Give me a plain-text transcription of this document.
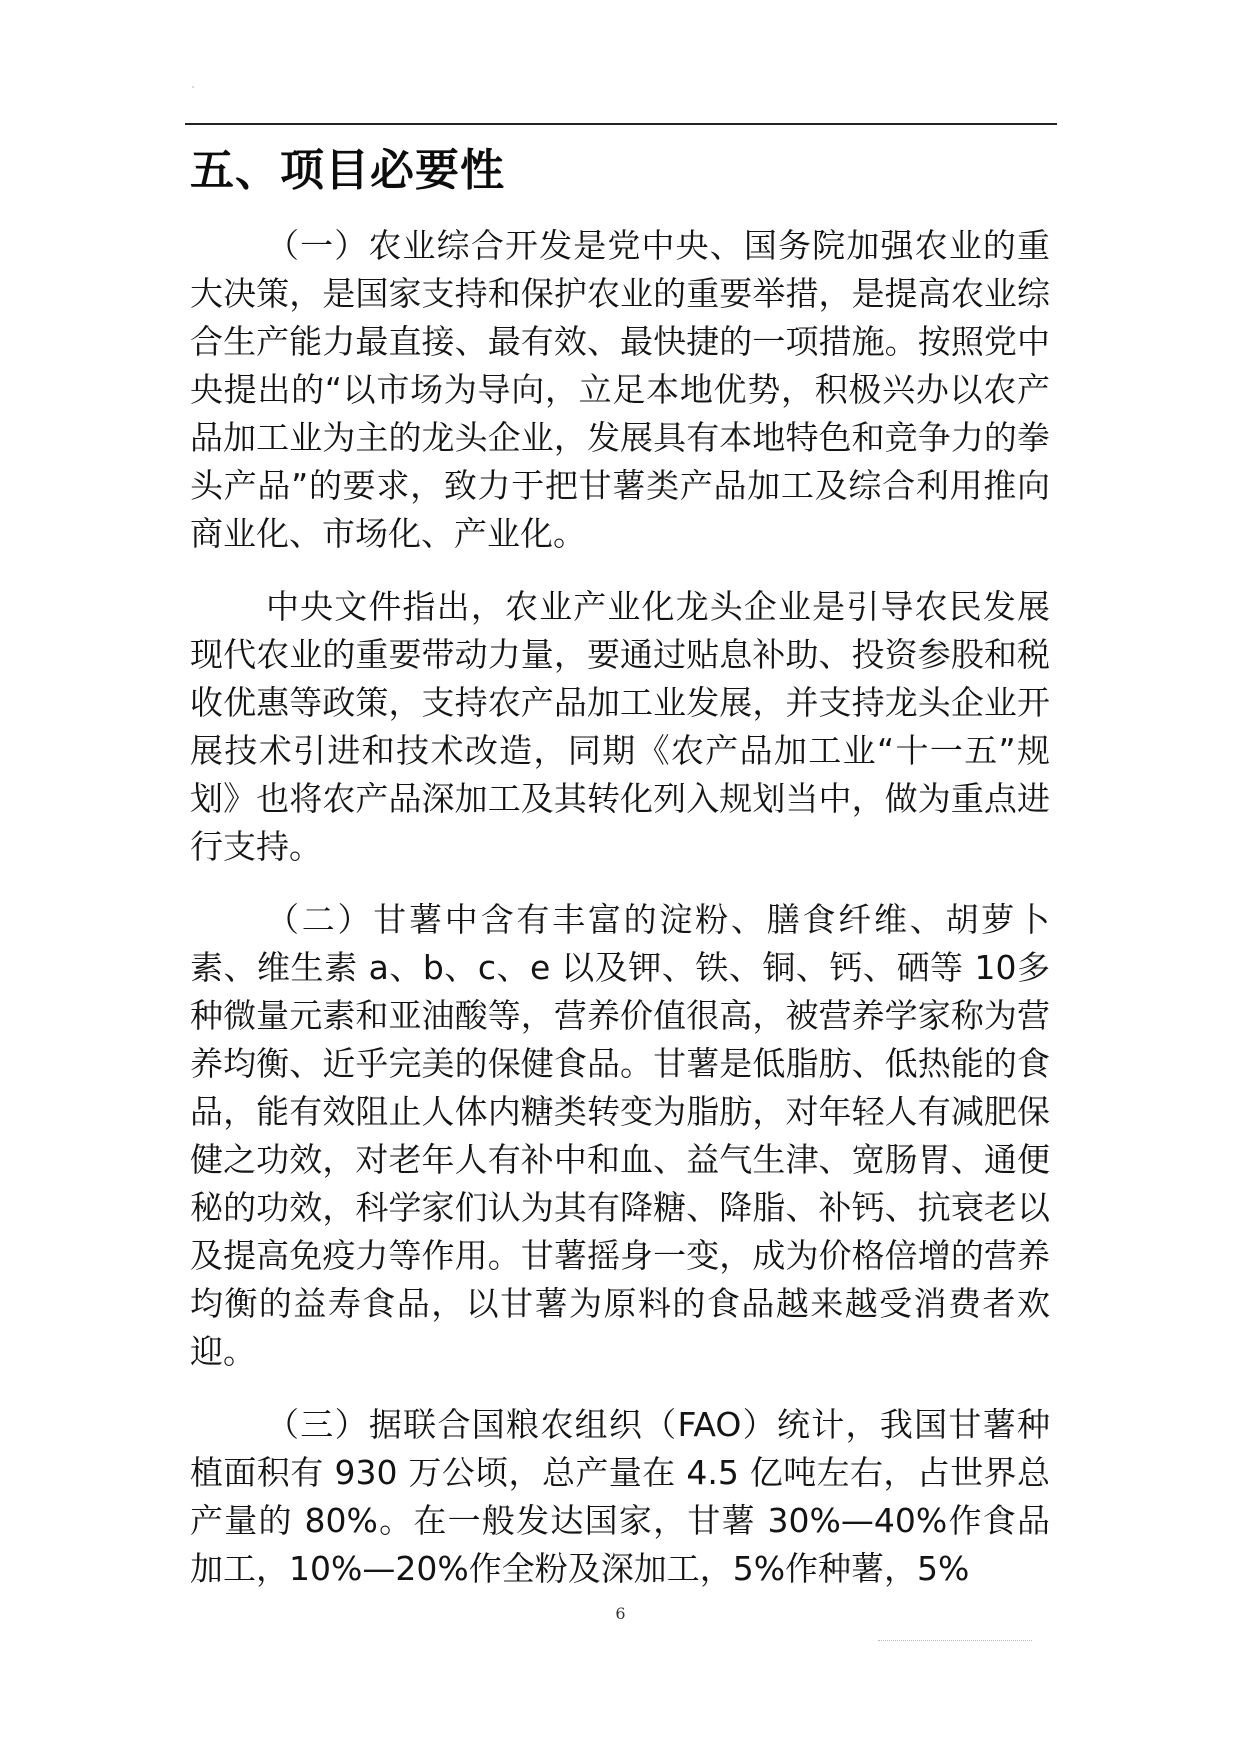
五、项目必要性

（一）农业综合开发是党中央、国务院加强农业的重大决策，是国家支持和保护农业的重要举措，是提高农业综合生产能力最直接、最有效、最快捷的一项措施。按照党中央提出的“以市场为导向，立足本地优势，积极兴办以农产品加工业为主的龙头企业，发展具有本地特色和竞争力的拳头产品”的要求，致力于把甘薯类产品加工及综合利用推向商业化、市场化、产业化。

中央文件指出，农业产业化龙头企业是引导农民发展现代农业的重要带动力量，要通过贴息补助、投资参股和税收优惠等政策，支持农产品加工业发展，并支持龙头企业开展技术引进和技术改造，同期《农产品加工业“十一五”规划》也将农产品深加工及其转化列入规划当中，做为重点进行支持。

（二）甘薯中含有丰富的淀粉、膳食纤维、胡萝卜素、维生素 a、b、c、e 以及钾、铁、铜、钙、硒等 10多种微量元素和亚油酸等，营养价值很高，被营养学家称为营养均衡、近乎完美的保健食品。甘薯是低脂肪、低热能的食品，能有效阻止人体内糖类转变为脂肪，对年轻人有减肥保健之功效，对老年人有补中和血、益气生津、宽肠胃、通便秘的功效，科学家们认为其有降糖、降脂、补钙、抗衰老以及提高免疫力等作用。甘薯摇身一变，成为价格倍增的营养均衡的益寿食品，以甘薯为原料的食品越来越受消费者欢迎。

（三）据联合国粮农组织（FAO）统计，我国甘薯种植面积有 930 万公顷，总产量在 4.5 亿吨左右，占世界总产量的 80%。在一般发达国家，甘薯 30%—40%作食品加工，10%—20%作全粉及深加工，5%作种薯，5%

6
